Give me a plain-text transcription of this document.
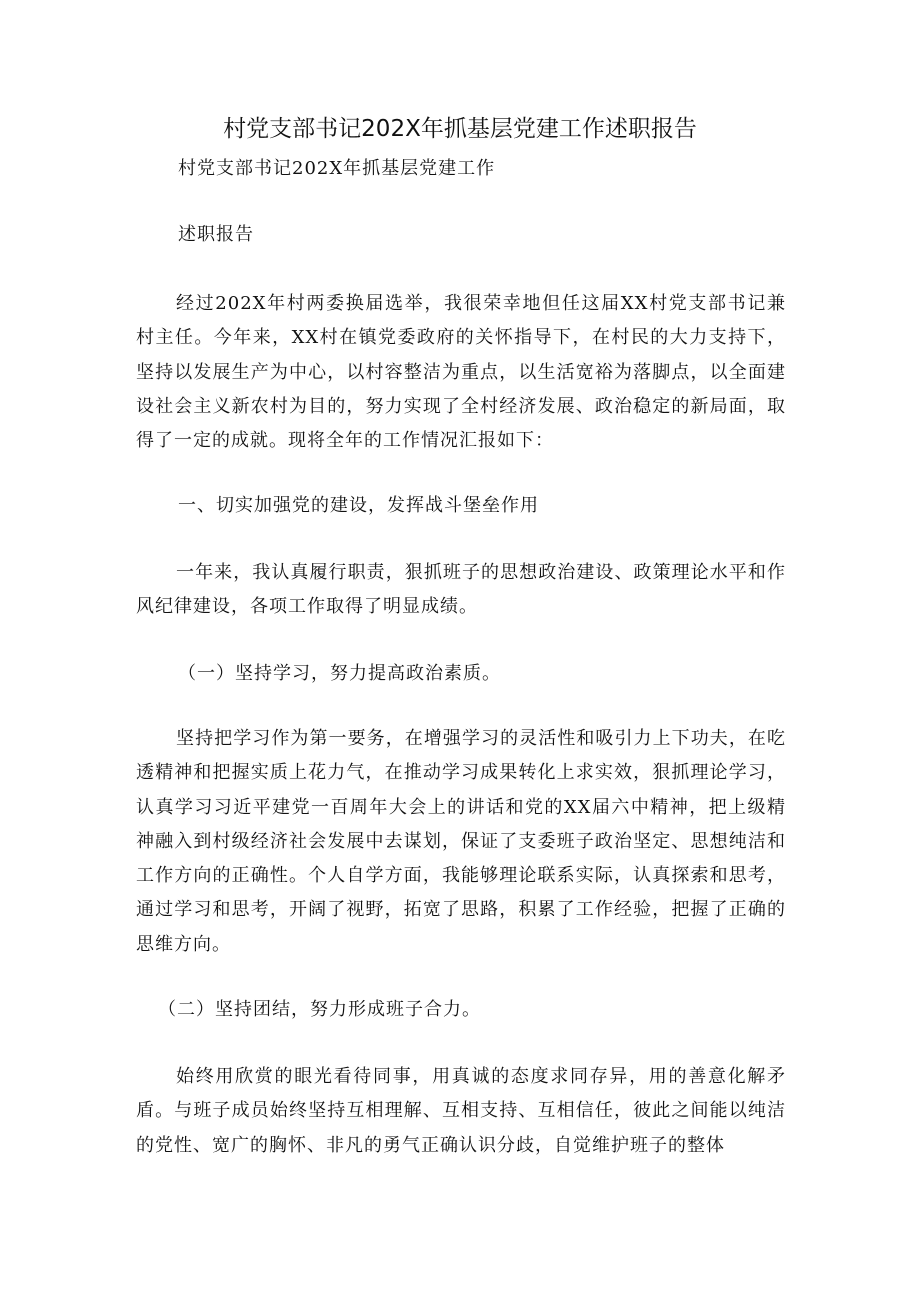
村党支部书记202X年抓基层党建工作述职报告
村党支部书记202X年抓基层党建工作
述职报告

经过202X年村两委换届选举，我很荣幸地但任这届XX村党支部书记兼村主任。今年来，XX村在镇党委政府的关怀指导下，在村民的大力支持下，坚持以发展生产为中心，以村容整洁为重点，以生活宽裕为落脚点，以全面建设社会主义新农村为目的，努力实现了全村经济发展、政治稳定的新局面，取得了一定的成就。现将全年的工作情况汇报如下：

一、切实加强党的建设，发挥战斗堡垒作用

一年来，我认真履行职责，狠抓班子的思想政治建设、政策理论水平和作风纪律建设，各项工作取得了明显成绩。

（一）坚持学习，努力提高政治素质。

坚持把学习作为第一要务，在增强学习的灵活性和吸引力上下功夫，在吃透精神和把握实质上花力气，在推动学习成果转化上求实效，狠抓理论学习，认真学习习近平建党一百周年大会上的讲话和党的XX届六中精神，把上级精神融入到村级经济社会发展中去谋划，保证了支委班子政治坚定、思想纯洁和工作方向的正确性。个人自学方面，我能够理论联系实际，认真探索和思考，通过学习和思考，开阔了视野，拓宽了思路，积累了工作经验，把握了正确的思维方向。

（二）坚持团结，努力形成班子合力。

始终用欣赏的眼光看待同事，用真诚的态度求同存异，用的善意化解矛盾。与班子成员始终坚持互相理解、互相支持、互相信任，彼此之间能以纯洁的党性、宽广的胸怀、非凡的勇气正确认识分歧，自觉维护班子的整体
